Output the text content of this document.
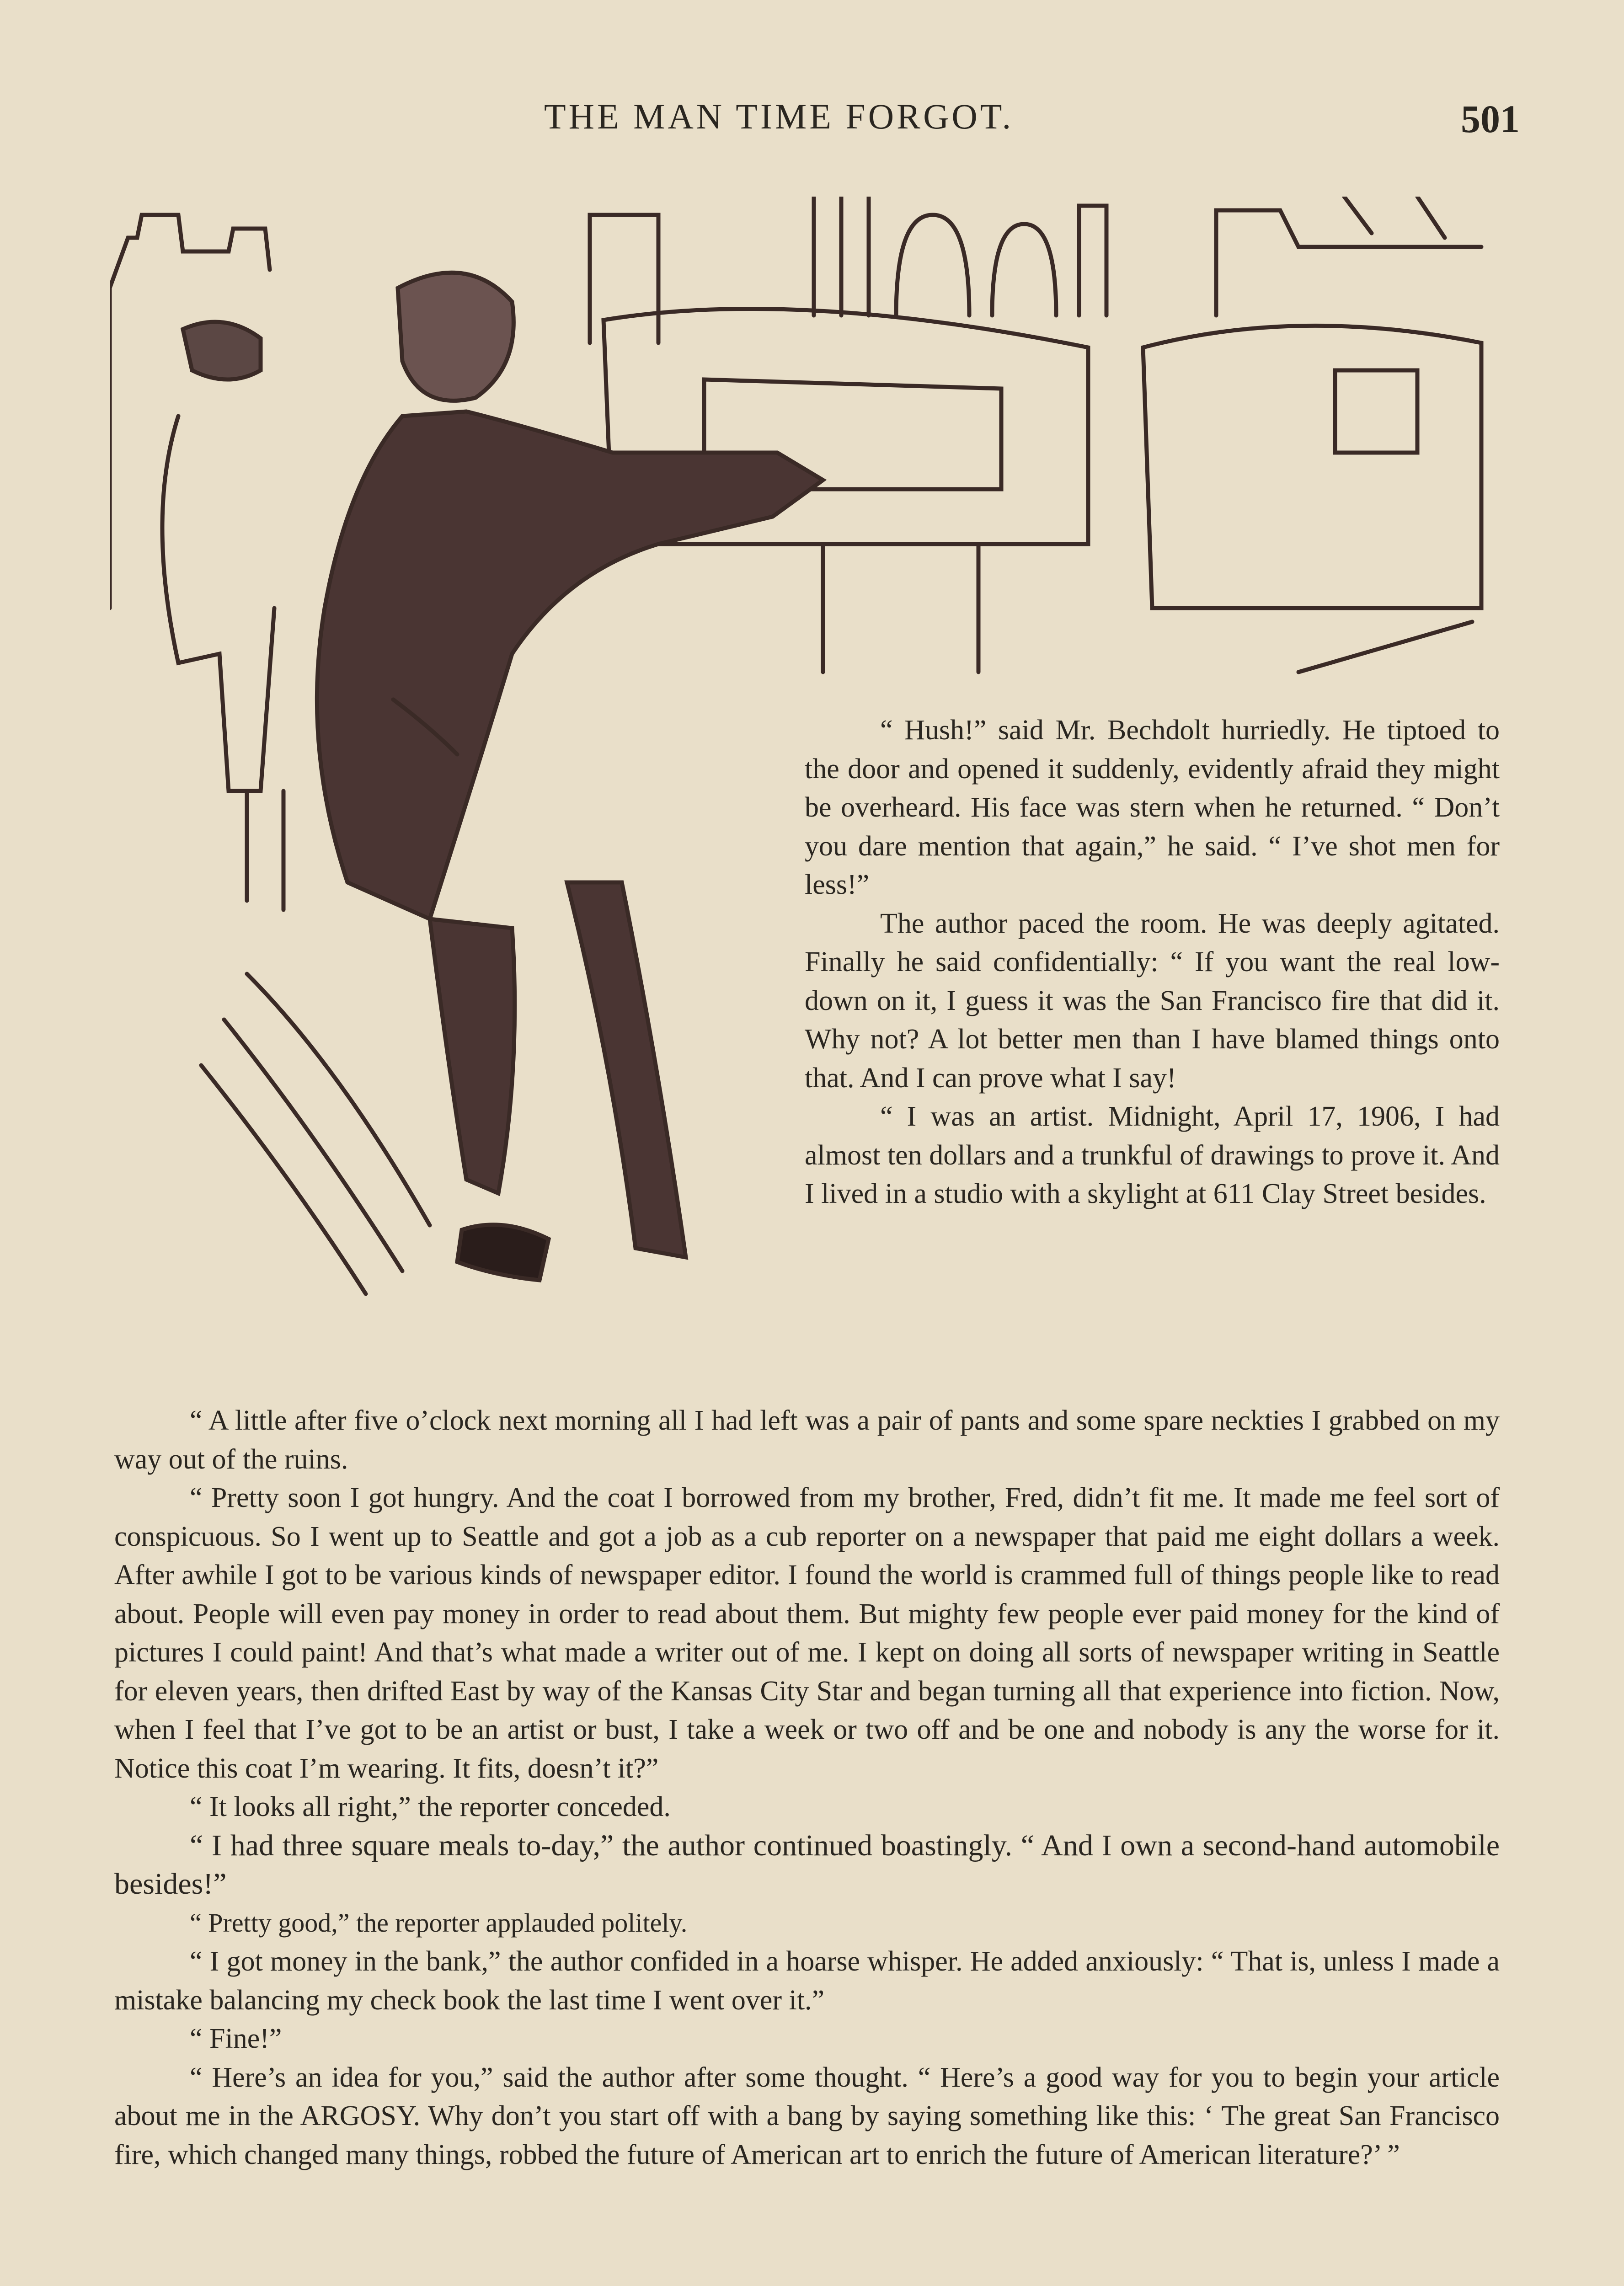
THE MAN TIME FORGOT.	501

“ Hush!” said Mr. Bechdolt hurriedly. He tiptoed to the door and opened it suddenly, evidently afraid they might be overheard. His face was stern when he returned. “ Don’t you dare mention that again,” he said. “ I’ve shot men for less!”

The author paced the room. He was deeply agitated. Finally he said confidentially: “ If you want the real low-down on it, I guess it was the San Francisco fire that did it. Why not? A lot better men than I have blamed things onto that. And I can prove what I say!

“ I was an artist. Midnight, April 17, 1906, I had almost ten dollars and a trunkful of drawings to prove it. And I lived in a studio with a skylight at 611 Clay Street besides.

“ A little after five o’clock next morning all I had left was a pair of pants and some spare neckties I grabbed on my way out of the ruins.

“ Pretty soon I got hungry. And the coat I borrowed from my brother, Fred, didn’t fit me. It made me feel sort of conspicuous. So I went up to Seattle and got a job as a cub reporter on a newspaper that paid me eight dollars a week. After awhile I got to be various kinds of newspaper editor. I found the world is crammed full of things people like to read about. People will even pay money in order to read about them. But mighty few people ever paid money for the kind of pictures I could paint! And that’s what made a writer out of me. I kept on doing all sorts of newspaper writing in Seattle for eleven years, then drifted East by way of the Kansas City Star and began turning all that experience into fiction. Now, when I feel that I’ve got to be an artist or bust, I take a week or two off and be one and nobody is any the worse for it. Notice this coat I’m wearing. It fits, doesn’t it?”

“ It looks all right,” the reporter conceded.

“ I had three square meals to-day,” the author continued boastingly. “ And I own a second-hand automobile besides!”

“ Pretty good,” the reporter applauded politely.

“ I got money in the bank,” the author confided in a hoarse whisper. He added anxiously: “ That is, unless I made a mistake balancing my check book the last time I went over it.”

“ Fine!”

“ Here’s an idea for you,” said the author after some thought. “ Here’s a good way for you to begin your article about me in the ARGOSY. Why don’t you start off with a bang by saying something like this: ‘ The great San Francisco fire, which changed many things, robbed the future of American art to enrich the future of American literature?’ ”
